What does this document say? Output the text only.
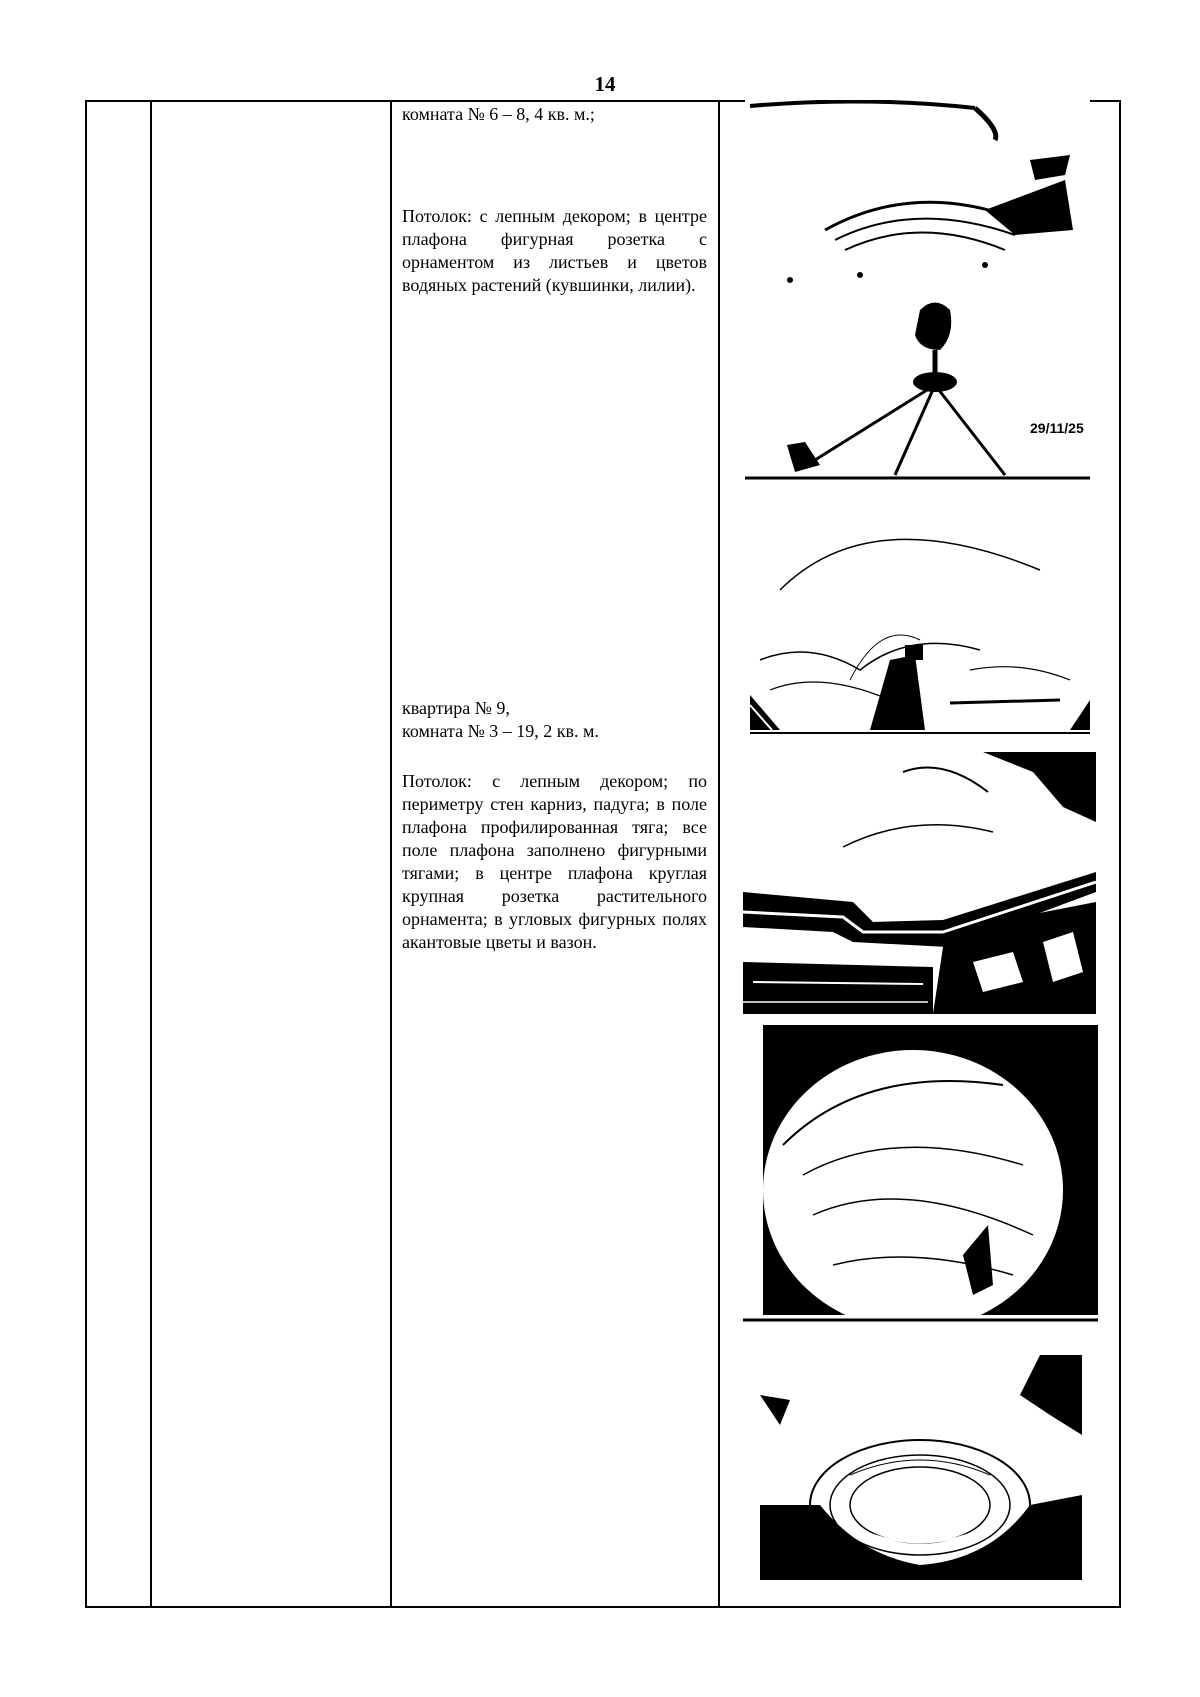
14
комната № 6 – 8, 4 кв. м.;
Потолок: с лепным декором; в центре плафона фигурная розетка с орнаментом из листьев и цветов водяных растений (кувшинки, лилии).
квартира № 9,
комната № 3 – 19, 2 кв. м.
Потолок: с лепным декором; по периметру стен карниз, падуга; в поле плафона профилированная тяга; все поле плафона заполнено фигурными тягами; в центре плафона круглая крупная розетка растительного орнамента; в угловых фигурных полях акантовые цветы и вазон.
29/11/25
